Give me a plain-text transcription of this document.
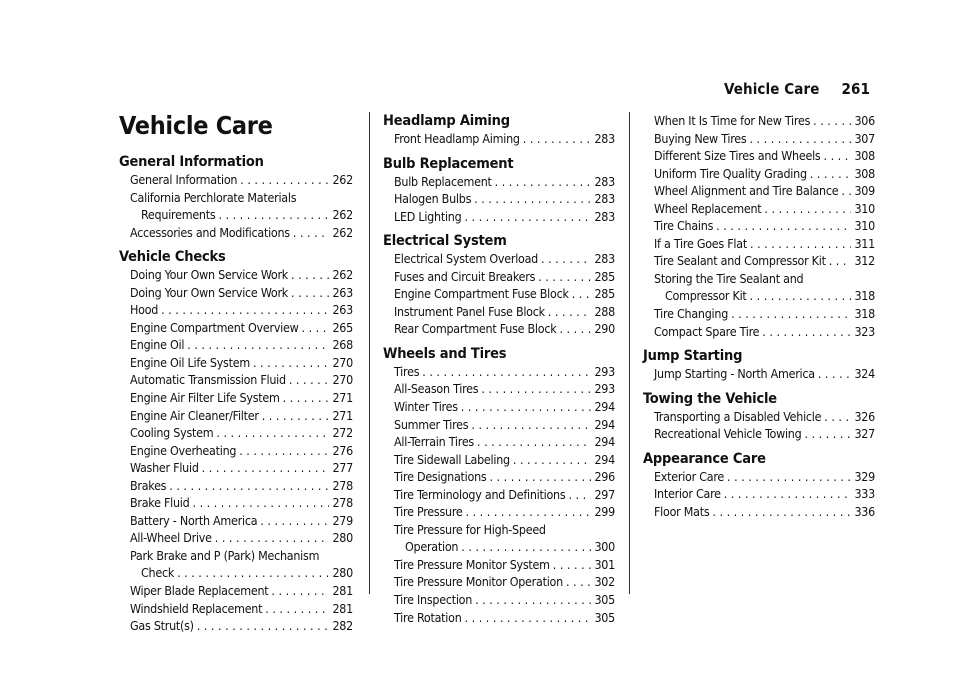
Vehicle Care 261
Vehicle Care
General Information
General Information . . .	262
California Perchlorate Materials
Requirements . . .	262
Accessories and Modifications . . .	262
Vehicle Checks
Doing Your Own Service Work . . .	262
Doing Your Own Service Work . . .	263
Hood . . .	263
Engine Compartment Overview . . .	265
Engine Oil . . .	268
Engine Oil Life System . . .	270
Automatic Transmission Fluid . . .	270
Engine Air Filter Life System . . .	271
Engine Air Cleaner/Filter . . .	271
Cooling System . . .	272
Engine Overheating . . .	276
Washer Fluid . . .	277
Brakes . . .	278
Brake Fluid . . .	278
Battery - North America . . .	279
All-Wheel Drive . . .	280
Park Brake and P (Park) Mechanism
Check . . .	280
Wiper Blade Replacement . . .	281
Windshield Replacement . . .	281
Gas Strut(s) . . .	282
Headlamp Aiming
Front Headlamp Aiming . . .	283
Bulb Replacement
Bulb Replacement . . .	283
Halogen Bulbs . . .	283
LED Lighting . . .	283
Electrical System
Electrical System Overload . . .	283
Fuses and Circuit Breakers . . .	285
Engine Compartment Fuse Block . . . 285
Instrument Panel Fuse Block . . .	288
Rear Compartment Fuse Block . . .	290
Wheels and Tires
Tires . . .	293
All-Season Tires . . .	293
Winter Tires . . .	294
Summer Tires . . .	294
All-Terrain Tires . . .	294
Tire Sidewall Labeling . . .	294
Tire Designations . . .	296
Tire Terminology and Definitions . . . 297
Tire Pressure . . .	299
Tire Pressure for High-Speed
Operation . . .	300
Tire Pressure Monitor System . . .	301
Tire Pressure Monitor Operation . . .	302
Tire Inspection . . .	305
Tire Rotation . . .	305
When It Is Time for New Tires . . .	306
Buying New Tires . . .	307
Different Size Tires and Wheels . . .	308
Uniform Tire Quality Grading . . .	308
Wheel Alignment and Tire Balance . . . 309
Wheel Replacement . . .	310
Tire Chains . . .	310
If a Tire Goes Flat . . .	311
Tire Sealant and Compressor Kit . . . 312
Storing the Tire Sealant and
Compressor Kit . . .	318
Tire Changing . . .	318
Compact Spare Tire . . .	323
Jump Starting
Jump Starting - North America . . .	324
Towing the Vehicle
Transporting a Disabled Vehicle . . .	326
Recreational Vehicle Towing . . .	327
Appearance Care
Exterior Care . . .	329
Interior Care . . .	333
Floor Mats . . .	336
